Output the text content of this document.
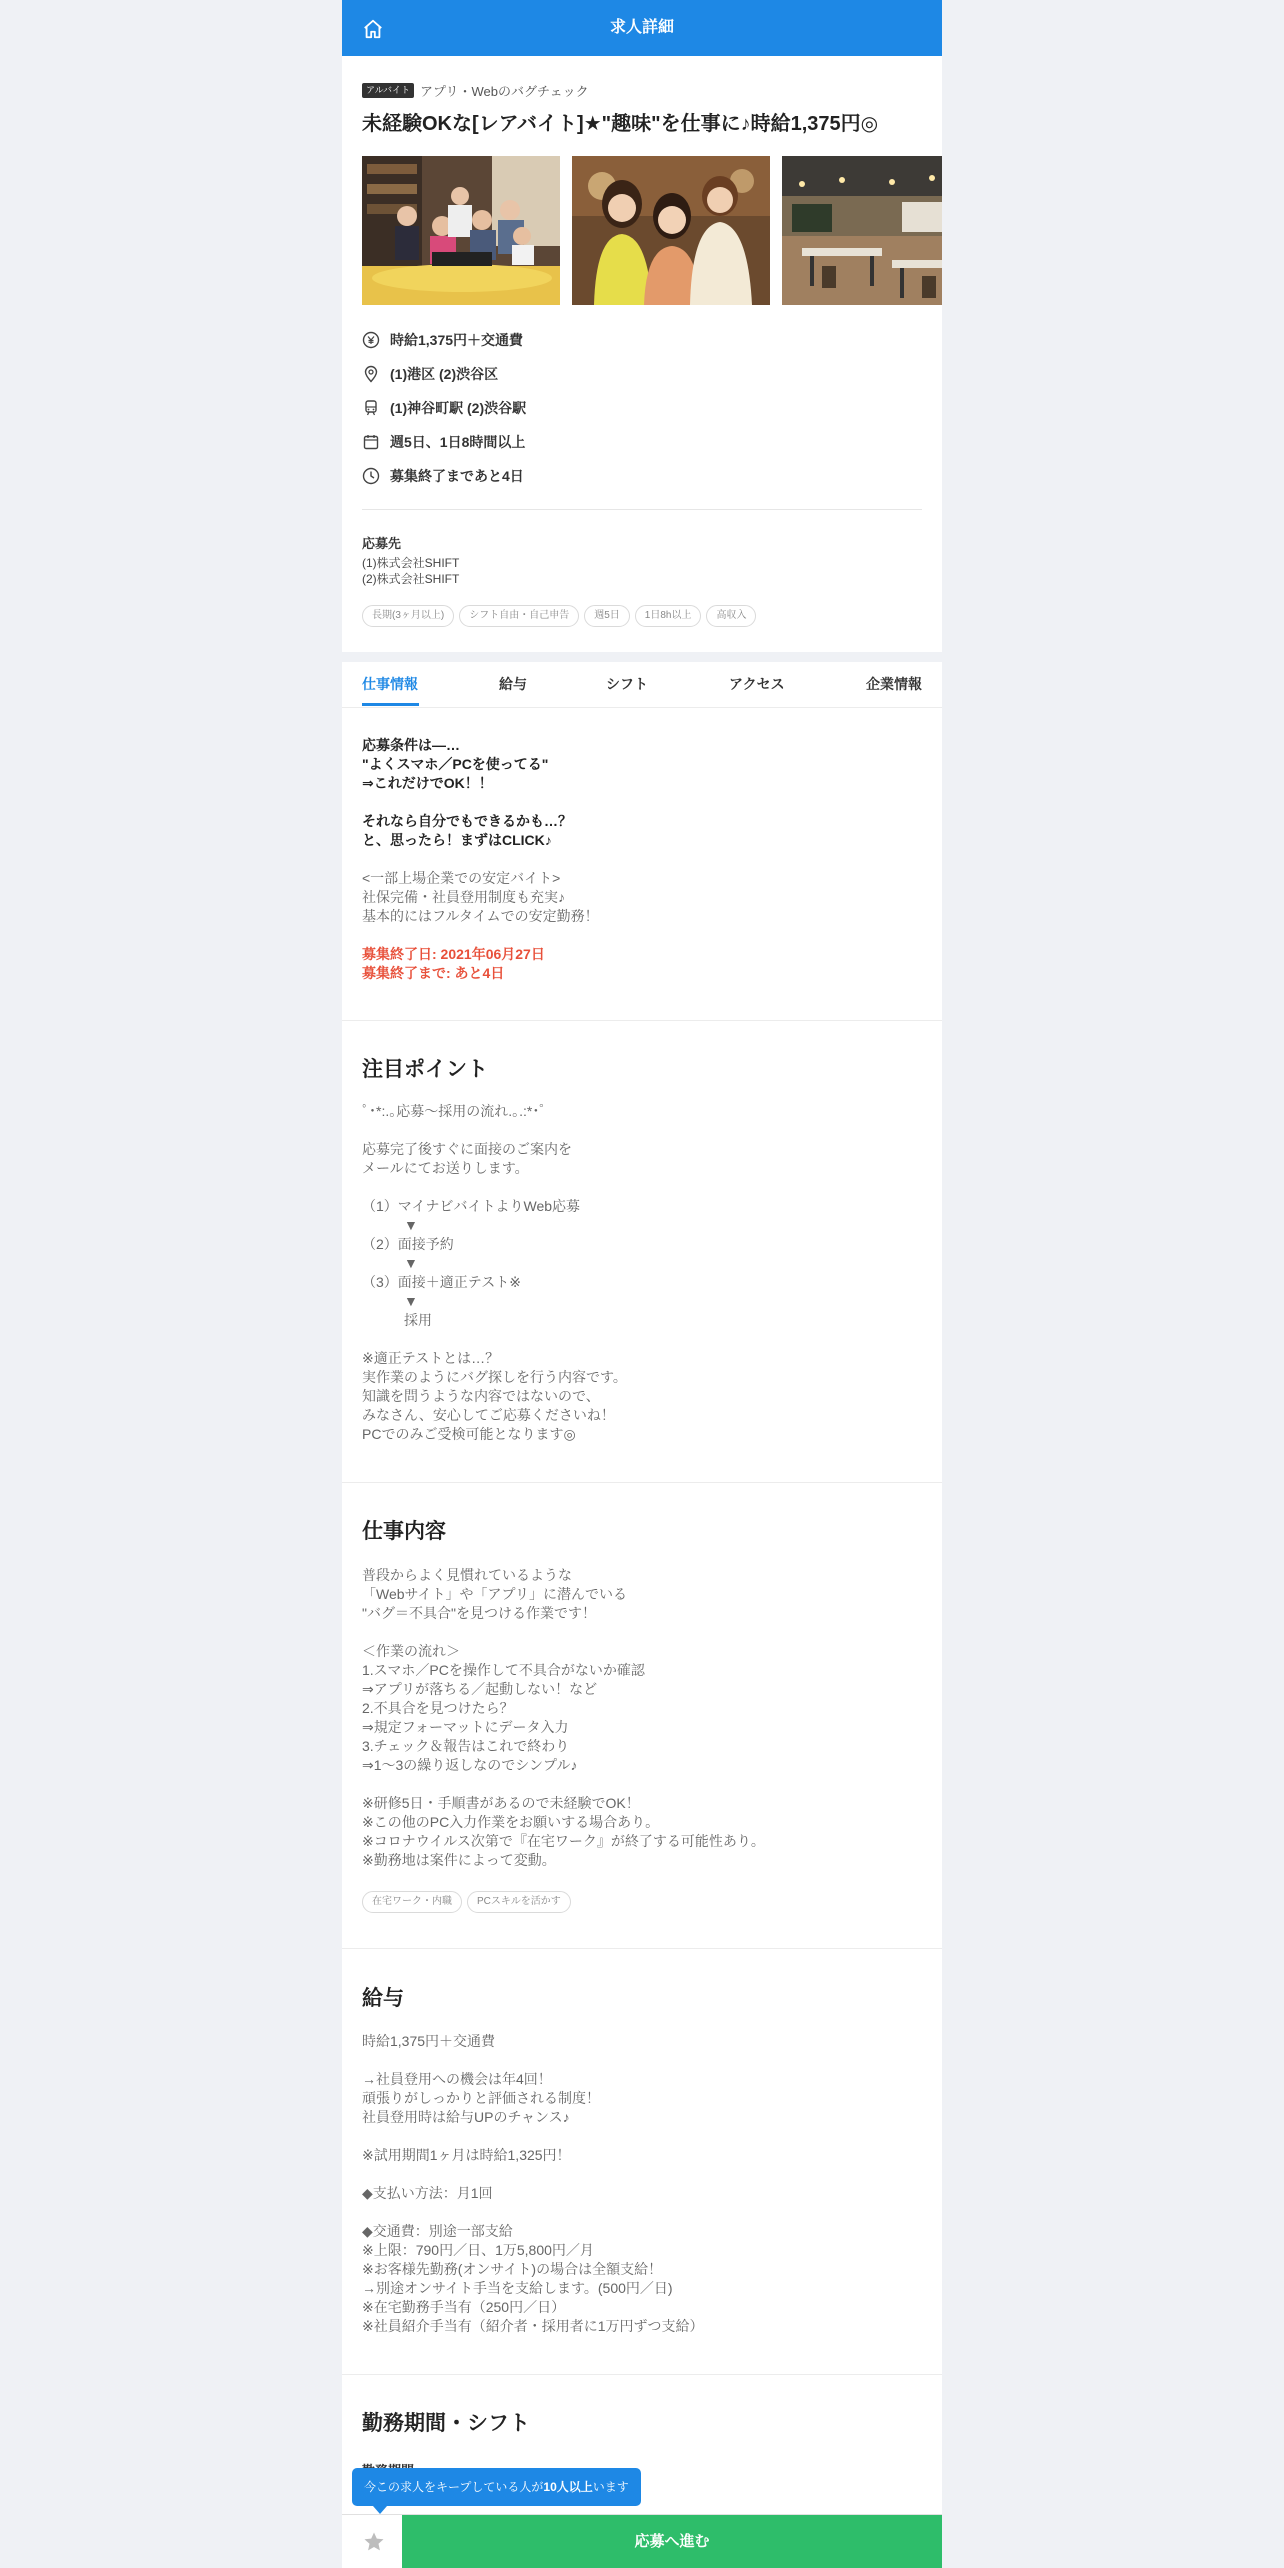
求人詳細
アルバイト アプリ・Webのバグチェック
未経験OKな[レアバイト]★"趣味"を仕事に♪時給1,375円◎
時給1,375円＋交通費
(1)港区 (2)渋谷区
(1)神谷町駅 (2)渋谷駅
週5日、1日8時間以上
募集終了まであと4日
応募先
(1)株式会社SHIFT
(2)株式会社SHIFT
長期(3ヶ月以上)	シフト自由・自己申告	週5日	1日8h以上	高収入
仕事情報	給与	シフト	アクセス	企業情報
応募条件は―…
"よくスマホ／PCを使ってる"
⇒これだけでOK！！

それなら自分でもできるかも…？
と、思ったら！まずはCLICK♪
<一部上場企業での安定バイト>
社保完備・社員登用制度も充実♪
基本的にはフルタイムでの安定勤務！
募集終了日: 2021年06月27日
募集終了まで: あと4日
注目ポイント
ﾟ･*:.｡応募～採用の流れ.｡.:*･゜

応募完了後すぐに面接のご案内を
メールにてお送りします。

（1）マイナビバイトよりWeb応募
　　　▼
（2）面接予約
　　　▼
（3）面接＋適正テスト※
　　　▼
　　　採用

※適正テストとは…？
実作業のようにバグ探しを行う内容です。
知識を問うような内容ではないので、
みなさん、安心してご応募くださいね！
PCでのみご受検可能となります◎
仕事内容
普段からよく見慣れているような
「Webサイト」や「アプリ」に潜んでいる
"バグ＝不具合"を見つける作業です！

＜作業の流れ＞
1.スマホ／PCを操作して不具合がないか確認
⇒アプリが落ちる／起動しない！など
2.不具合を見つけたら？
⇒規定フォーマットにデータ入力
3.チェック＆報告はこれで終わり
⇒1～3の繰り返しなのでシンプル♪

※研修5日・手順書があるので未経験でOK！
※この他のPC入力作業をお願いする場合あり。
※コロナウイルス次第で『在宅ワーク』が終了する可能性あり。
※勤務地は案件によって変動。
在宅ワーク・内職	PCスキルを活かす
給与
時給1,375円＋交通費

→社員登用への機会は年4回！
頑張りがしっかりと評価される制度！
社員登用時は給与UPのチャンス♪

※試用期間1ヶ月は時給1,325円！

◆支払い方法：月1回

◆交通費：別途一部支給
※上限：790円／日、1万5,800円／月
※お客様先勤務(オンサイト)の場合は全額支給！
→別途オンサイト手当を支給します。(500円／日)
※在宅勤務手当有（250円／日）
※社員紹介手当有（紹介者・採用者に1万円ずつ支給）
勤務期間・シフト
今この求人をキープしている人が10人以上います
応募へ進む
